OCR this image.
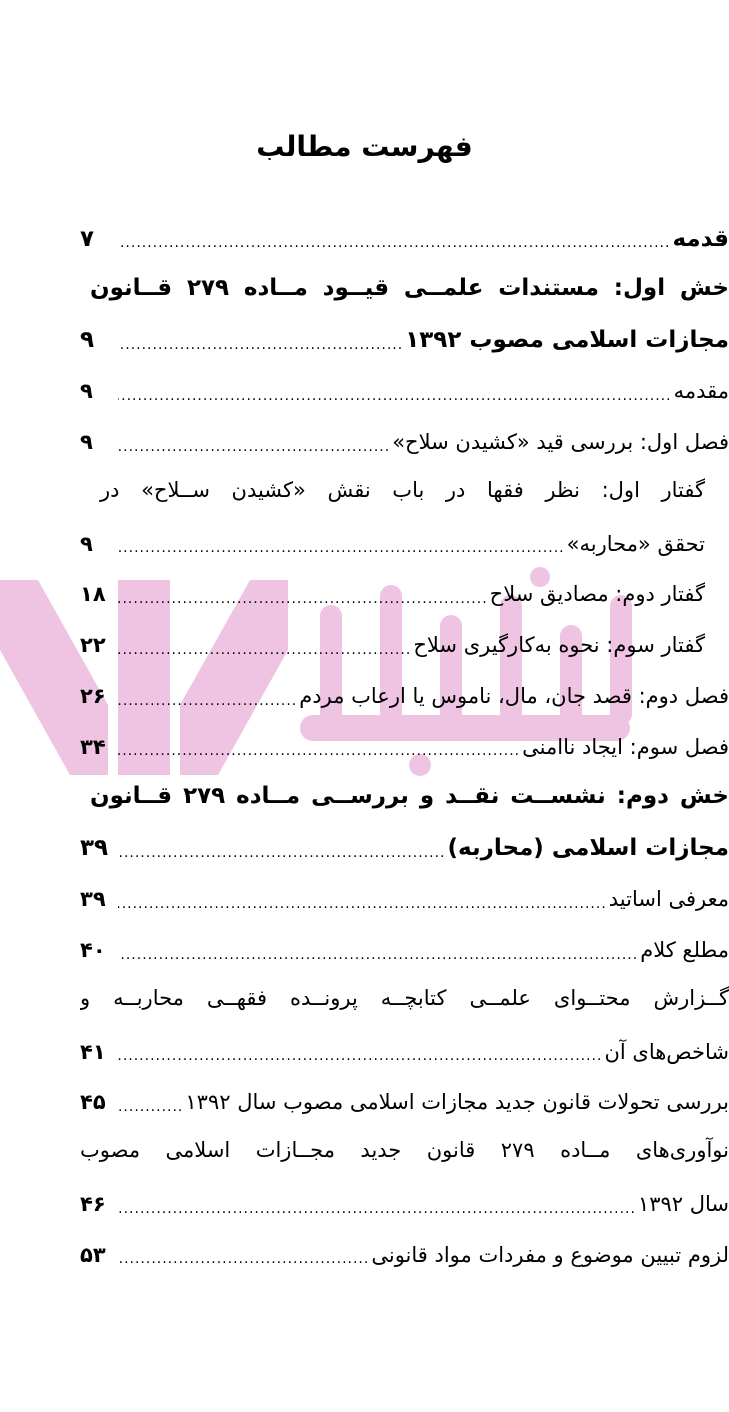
فهرست مطالب
قدمه
.....
۷
خش اول: مستندات علمــی قیــود مــاده ۲۷۹ قــانون
مجازات اسلامی مصوب ۱۳۹۲
.....
۹
مقدمه
.....
۹
فصل اول: بررسی قید «کشیدن سلاح»
.....
۹
گفتار اول: نظر فقها در باب نقش «کشیدن ســلاح» در
تحقق «محاربه»
.....
۹
گفتار دوم: مصادیق سلاح
.....
۱۸
گفتار سوم: نحوه به‌کارگیری سلاح
.....
۲۲
فصل دوم: قصد جان، مال، ناموس یا ارعاب مردم
.....
۲۶
فصل سوم: ایجاد ناامنی
.....
۳۴
خش دوم: نشســت نقــد و بررســی مــاده ۲۷۹ قــانون
مجازات اسلامی (محاربه)
.....
۳۹
معرفی اساتید
.....
۳۹
مطلع کلام
.....
۴۰
گــزارش محتــوای علمــی کتابچــه پرونــده فقهــی محاربــه و
شاخص‌های آن
.....
۴۱
بررسی تحولات قانون جدید مجازات اسلامی مصوب سال ۱۳۹۲
.....
۴۵
نوآوری‌های مــاده ۲۷۹ قانون جدید مجــازات اسلامی مصوب
سال ۱۳۹۲
.....
۴۶
لزوم تبیین موضوع و مفردات مواد قانونی
.....
۵۳
